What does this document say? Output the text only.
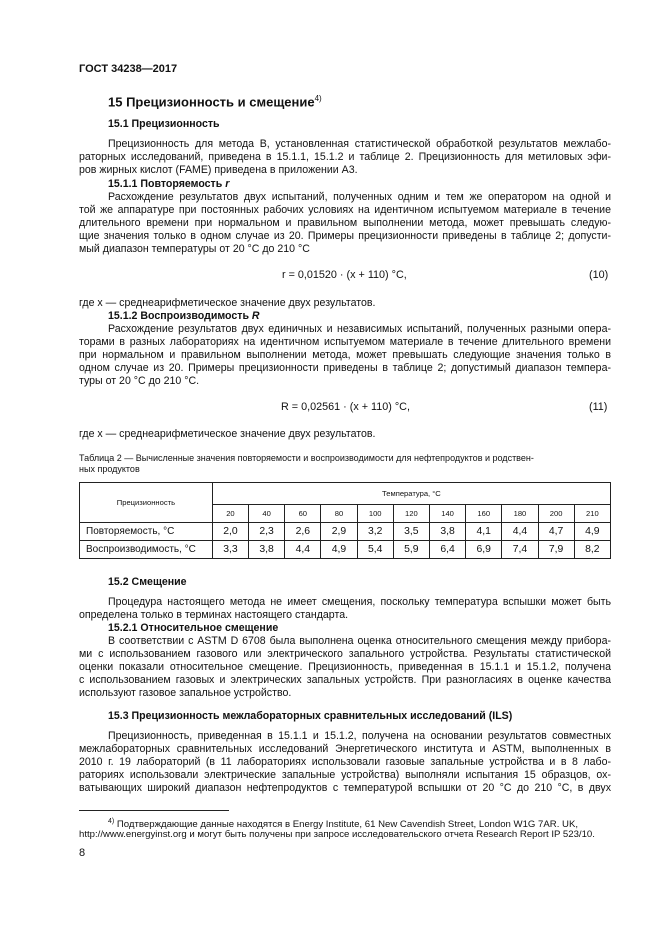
ГОСТ 34238—2017
15 Прецизионность и смещение$^{4)}$
15.1 Прецизионность
Прецизионность для метода В, установленная статистической обработкой результатов межлабо-
раторных исследований, приведена в 15.1.1, 15.1.2 и таблице 2. Прецизионность для метиловых эфи-
ров жирных кислот (FAME) приведена в приложении А3.
15.1.1 Повторяемость r
Расхождение результатов двух испытаний, полученных одним и тем же оператором на одной и
той же аппаратуре при постоянных рабочих условиях на идентичном испытуемом материале в течение
длительного времени при нормальном и правильном выполнении метода, может превышать следую-
щие значения только в одном случае из 20. Примеры прецизионности приведены в таблице 2; допусти-
мый диапазон температуры от 20 °C до 210 °C
r = 0,01520 · (x + 110) °C,	(10)
где x — среднеарифметическое значение двух результатов.
15.1.2 Воспроизводимость R
Расхождение результатов двух единичных и независимых испытаний, полученных разными опера-
торами в разных лабораториях на идентичном испытуемом материале в течение длительного времени
при нормальном и правильном выполнении метода, может превышать следующие значения только в
одном случае из 20. Примеры прецизионности приведены в таблице 2; допустимый диапазон темпера-
туры от 20 °C до 210 °C.
R = 0,02561 · (x + 110) °C,	(11)
где x — среднеарифметическое значение двух результатов.
Таблица 2 — Вычисленные значения повторяемости и воспроизводимости для нефтепродуктов и родствен-
ных продуктов
Прецизионность	Температура, °C										
	20	40	60	80	100	120	140	160	180	200	210
Повторяемость, °C	2,0	2,3	2,6	2,9	3,2	3,5	3,8	4,1	4,4	4,7	4,9
Воспроизводимость, °C	3,3	3,8	4,4	4,9	5,4	5,9	6,4	6,9	7,4	7,9	8,2
15.2 Смещение
Процедура настоящего метода не имеет смещения, поскольку температура вспышки может быть
определена только в терминах настоящего стандарта.
15.2.1 Относительное смещение
В соответствии с ASTM D 6708 была выполнена оценка относительного смещения между прибора-
ми с использованием газового или электрического запального устройства. Результаты статистической
оценки показали относительное смещение. Прецизионность, приведенная в 15.1.1 и 15.1.2, получена
с использованием газовых и электрических запальных устройств. При разногласиях в оценке качества
используют газовое запальное устройство.
15.3 Прецизионность межлабораторных сравнительных исследований (ILS)
Прецизионность, приведенная в 15.1.1 и 15.1.2, получена на основании результатов совместных
межлабораторных сравнительных исследований Энергетического института и ASTM, выполненных в
2010 г. 19 лабораторий (в 11 лабораториях использовали газовые запальные устройства и в 8 лабо-
раториях использовали электрические запальные устройства) выполняли испытания 15 образцов, ох-
ватывающих широкий диапазон нефтепродуктов с температурой вспышки от 20 °C до 210 °C, в двух
$^{4)}$ Подтверждающие данные находятся в Energy Institute, 61 New Cavendish Street, London W1G 7AR. UK,
http://www.energyinst.org и могут быть получены при запросе исследовательского отчета Research Report IP 523/10.
8
